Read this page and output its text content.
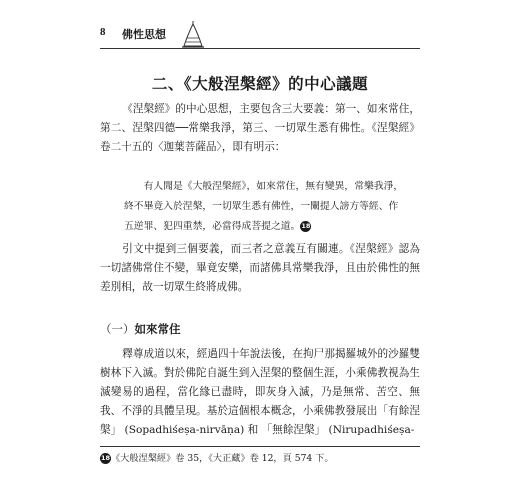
8 佛性思想
二、《大般涅槃經》的中心議題

《涅槃經》的中心思想，主要包含三大要義：第一、如來常住，第二、涅槃四德──常樂我淨，第三、一切眾生悉有佛性。《涅槃經》卷二十五的〈迦葉菩薩品〉，即有明示：

有人聞是《大般涅槃經》，如來常住，無有變異，常樂我淨，終不畢竟入於涅槃，一切眾生悉有佛性，一闡提人謗方等經、作五逆罪、犯四重禁，必當得成菩提之道。18

引文中提到三個要義，而三者之意義互有關連。《涅槃經》認為一切諸佛常住不變，畢竟安樂，而諸佛具常樂我淨，且由於佛性的無差別相，故一切眾生終將成佛。

（一）如來常住

釋尊成道以來，經過四十年說法後，在拘尸那揭羅城外的沙羅雙樹林下入滅。對於佛陀自誕生到入涅槃的整個生涯，小乘佛教視為生滅變易的過程，當化緣已盡時，即灰身入滅，乃是無常、苦空、無我、不淨的具體呈現。基於這個根本概念，小乘佛教發展出「有餘涅槃」 (Sopadhiśeṣa-nirvāṇa) 和 「無餘涅槃」 (Nirupadhiśeṣa-

18《大般涅槃經》卷 35，《大正藏》卷 12，頁 574 下。
